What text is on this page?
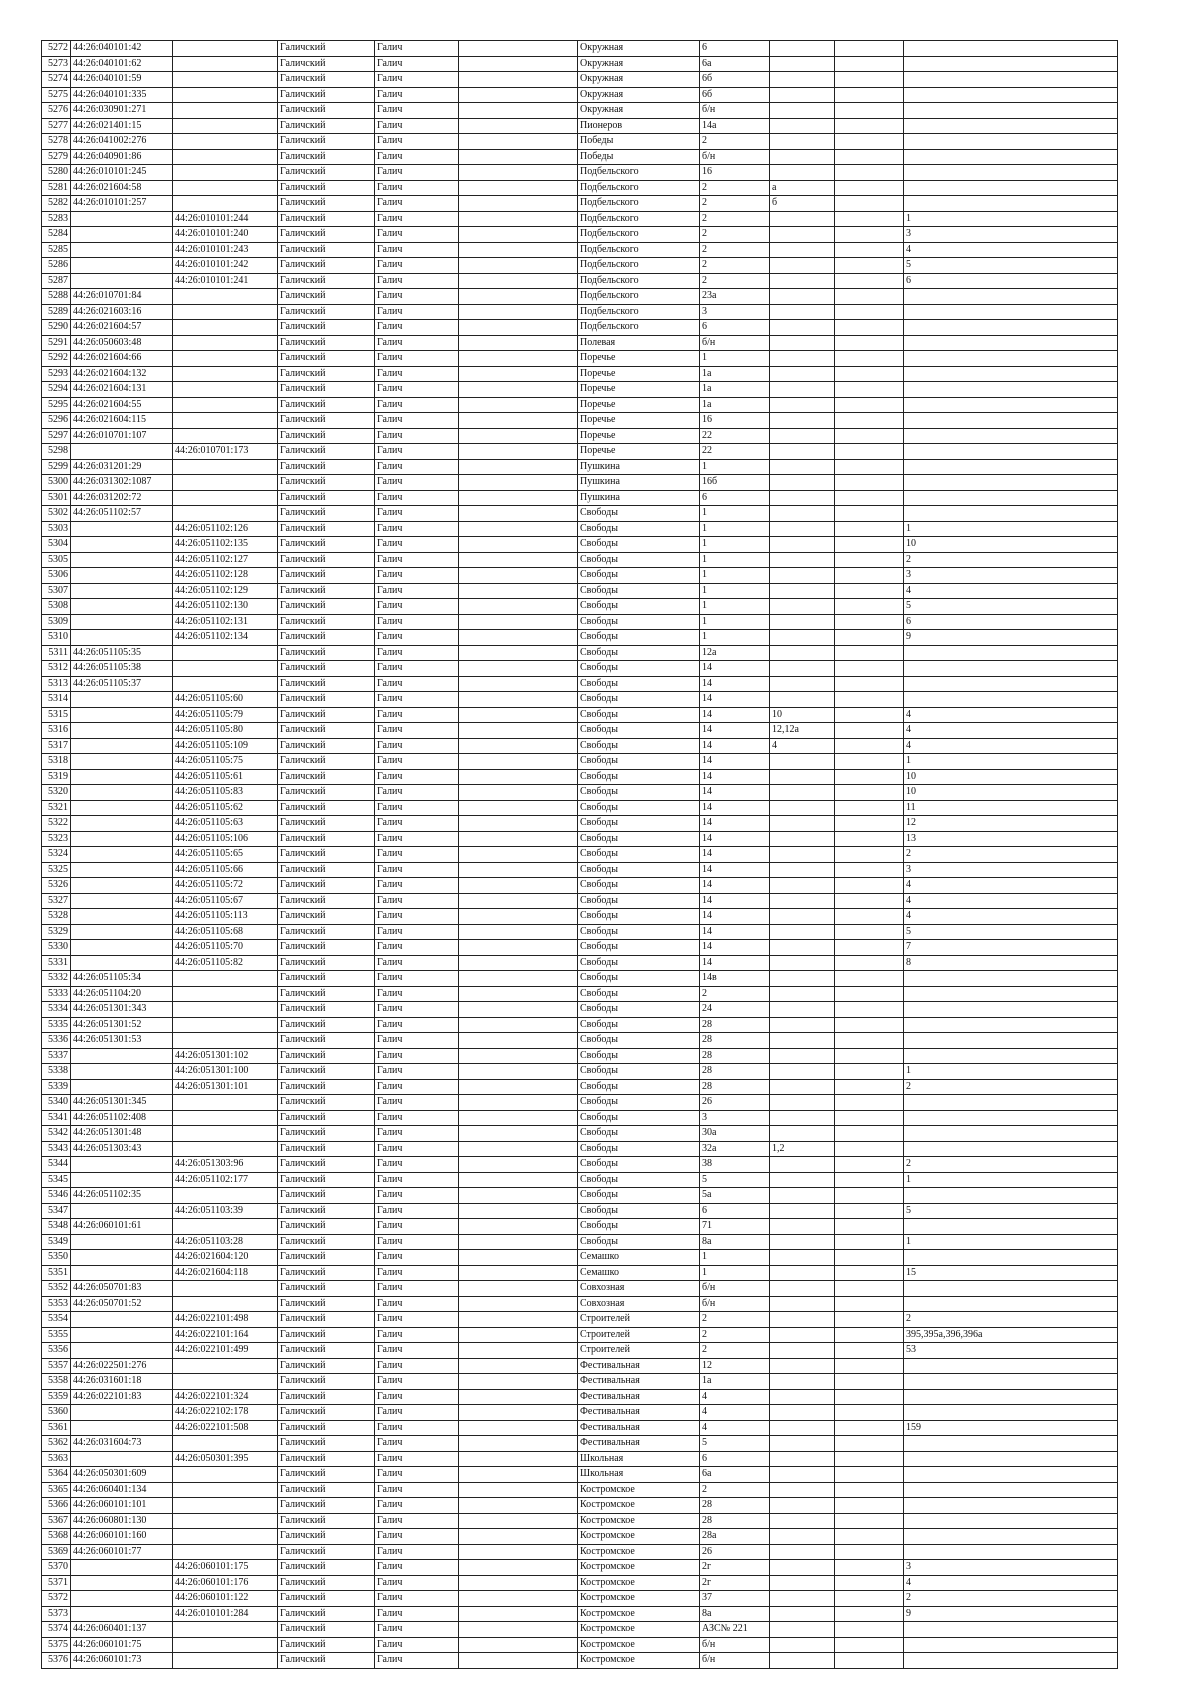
5272	44:26:040101:42		Галичский	Галич		Окружная	6			
5273	44:26:040101:62		Галичский	Галич		Окружная	6а			
5274	44:26:040101:59		Галичский	Галич		Окружная	6б			
5275	44:26:040101:335		Галичский	Галич		Окружная	6б			
5276	44:26:030901:271		Галичский	Галич		Окружная	б/н			
5277	44:26:021401:15		Галичский	Галич		Пионеров	14а			
5278	44:26:041002:276		Галичский	Галич		Победы	2			
5279	44:26:040901:86		Галичский	Галич		Победы	б/н			
5280	44:26:010101:245		Галичский	Галич		Подбельского	16			
5281	44:26:021604:58		Галичский	Галич		Подбельского	2	а		
5282	44:26:010101:257		Галичский	Галич		Подбельского	2	б		
5283		44:26:010101:244	Галичский	Галич		Подбельского	2			1
5284		44:26:010101:240	Галичский	Галич		Подбельского	2			3
5285		44:26:010101:243	Галичский	Галич		Подбельского	2			4
5286		44:26:010101:242	Галичский	Галич		Подбельского	2			5
5287		44:26:010101:241	Галичский	Галич		Подбельского	2			6
5288	44:26:010701:84		Галичский	Галич		Подбельского	23а			
5289	44:26:021603:16		Галичский	Галич		Подбельского	3			
5290	44:26:021604:57		Галичский	Галич		Подбельского	6			
5291	44:26:050603:48		Галичский	Галич		Полевая	б/н			
5292	44:26:021604:66		Галичский	Галич		Поречье	1			
5293	44:26:021604:132		Галичский	Галич		Поречье	1а			
5294	44:26:021604:131		Галичский	Галич		Поречье	1а			
5295	44:26:021604:55		Галичский	Галич		Поречье	1а			
5296	44:26:021604:115		Галичский	Галич		Поречье	16			
5297	44:26:010701:107		Галичский	Галич		Поречье	22			
5298		44:26:010701:173	Галичский	Галич		Поречье	22			
5299	44:26:031201:29		Галичский	Галич		Пушкина	1			
5300	44:26:031302:1087		Галичский	Галич		Пушкина	16б			
5301	44:26:031202:72		Галичский	Галич		Пушкина	6			
5302	44:26:051102:57		Галичский	Галич		Свободы	1			
5303		44:26:051102:126	Галичский	Галич		Свободы	1			1
5304		44:26:051102:135	Галичский	Галич		Свободы	1			10
5305		44:26:051102:127	Галичский	Галич		Свободы	1			2
5306		44:26:051102:128	Галичский	Галич		Свободы	1			3
5307		44:26:051102:129	Галичский	Галич		Свободы	1			4
5308		44:26:051102:130	Галичский	Галич		Свободы	1			5
5309		44:26:051102:131	Галичский	Галич		Свободы	1			6
5310		44:26:051102:134	Галичский	Галич		Свободы	1			9
5311	44:26:051105:35		Галичский	Галич		Свободы	12а			
5312	44:26:051105:38		Галичский	Галич		Свободы	14			
5313	44:26:051105:37		Галичский	Галич		Свободы	14			
5314		44:26:051105:60	Галичский	Галич		Свободы	14			
5315		44:26:051105:79	Галичский	Галич		Свободы	14	10		4
5316		44:26:051105:80	Галичский	Галич		Свободы	14	12,12а		4
5317		44:26:051105:109	Галичский	Галич		Свободы	14	4		4
5318		44:26:051105:75	Галичский	Галич		Свободы	14			1
5319		44:26:051105:61	Галичский	Галич		Свободы	14			10
5320		44:26:051105:83	Галичский	Галич		Свободы	14			10
5321		44:26:051105:62	Галичский	Галич		Свободы	14			11
5322		44:26:051105:63	Галичский	Галич		Свободы	14			12
5323		44:26:051105:106	Галичский	Галич		Свободы	14			13
5324		44:26:051105:65	Галичский	Галич		Свободы	14			2
5325		44:26:051105:66	Галичский	Галич		Свободы	14			3
5326		44:26:051105:72	Галичский	Галич		Свободы	14			4
5327		44:26:051105:67	Галичский	Галич		Свободы	14			4
5328		44:26:051105:113	Галичский	Галич		Свободы	14			4
5329		44:26:051105:68	Галичский	Галич		Свободы	14			5
5330		44:26:051105:70	Галичский	Галич		Свободы	14			7
5331		44:26:051105:82	Галичский	Галич		Свободы	14			8
5332	44:26:051105:34		Галичский	Галич		Свободы	14в			
5333	44:26:051104:20		Галичский	Галич		Свободы	2			
5334	44:26:051301:343		Галичский	Галич		Свободы	24			
5335	44:26:051301:52		Галичский	Галич		Свободы	28			
5336	44:26:051301:53		Галичский	Галич		Свободы	28			
5337		44:26:051301:102	Галичский	Галич		Свободы	28			
5338		44:26:051301:100	Галичский	Галич		Свободы	28			1
5339		44:26:051301:101	Галичский	Галич		Свободы	28			2
5340	44:26:051301:345		Галичский	Галич		Свободы	26			
5341	44:26:051102:408		Галичский	Галич		Свободы	3			
5342	44:26:051301:48		Галичский	Галич		Свободы	30а			
5343	44:26:051303:43		Галичский	Галич		Свободы	32а	1,2		
5344		44:26:051303:96	Галичский	Галич		Свободы	38			2
5345		44:26:051102:177	Галичский	Галич		Свободы	5			1
5346	44:26:051102:35		Галичский	Галич		Свободы	5а			
5347		44:26:051103:39	Галичский	Галич		Свободы	6			5
5348	44:26:060101:61		Галичский	Галич		Свободы	71			
5349		44:26:051103:28	Галичский	Галич		Свободы	8а			1
5350		44:26:021604:120	Галичский	Галич		Семашко	1			
5351		44:26:021604:118	Галичский	Галич		Семашко	1			15
5352	44:26:050701:83		Галичский	Галич		Совхозная	б/н			
5353	44:26:050701:52		Галичский	Галич		Совхозная	б/н			
5354		44:26:022101:498	Галичский	Галич		Строителей	2			2
5355		44:26:022101:164	Галичский	Галич		Строителей	2			395,395а,396,396а
5356		44:26:022101:499	Галичский	Галич		Строителей	2			53
5357	44:26:022501:276		Галичский	Галич		Фестивальная	12			
5358	44:26:031601:18		Галичский	Галич		Фестивальная	1а			
5359	44:26:022101:83	44:26:022101:324	Галичский	Галич		Фестивальная	4			
5360		44:26:022102:178	Галичский	Галич		Фестивальная	4			
5361		44:26:022101:508	Галичский	Галич		Фестивальная	4			159
5362	44:26:031604:73		Галичский	Галич		Фестивальная	5			
5363		44:26:050301:395	Галичский	Галич		Школьная	6			
5364	44:26:050301:609		Галичский	Галич		Школьная	6а			
5365	44:26:060401:134		Галичский	Галич		Костромское	2			
5366	44:26:060101:101		Галичский	Галич		Костромское	28			
5367	44:26:060801:130		Галичский	Галич		Костромское	28			
5368	44:26:060101:160		Галичский	Галич		Костромское	28а			
5369	44:26:060101:77		Галичский	Галич		Костромское	26			
5370		44:26:060101:175	Галичский	Галич		Костромское	2г			3
5371		44:26:060101:176	Галичский	Галич		Костромское	2г			4
5372		44:26:060101:122	Галичский	Галич		Костромское	37			2
5373		44:26:010101:284	Галичский	Галич		Костромское	8а			9
5374	44:26:060401:137		Галичский	Галич		Костромское	АЗС№ 221			
5375	44:26:060101:75		Галичский	Галич		Костромское	б/н			
5376	44:26:060101:73		Галичский	Галич		Костромское	б/н			
